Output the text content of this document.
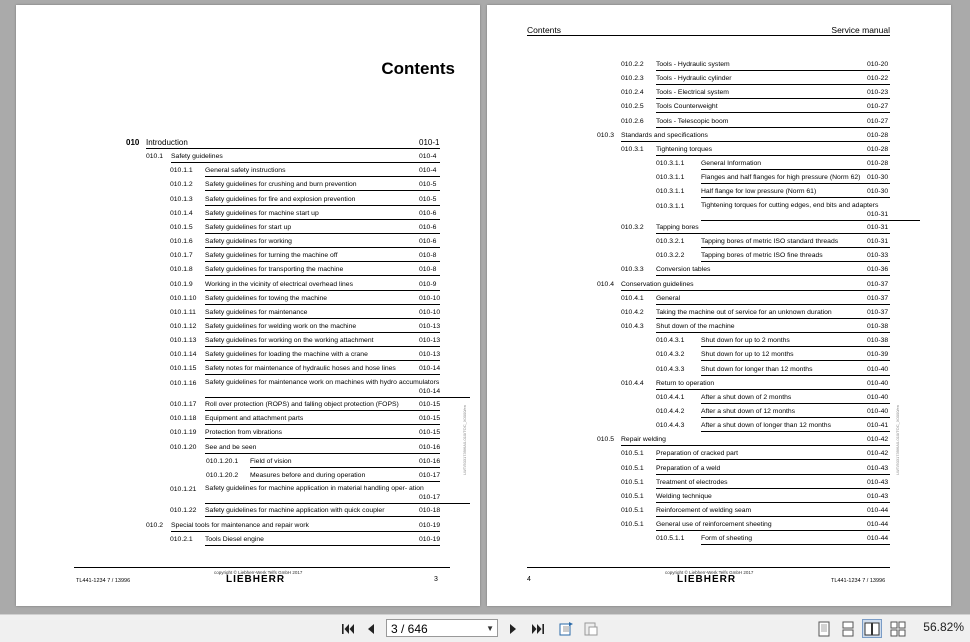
Contents
010 Introduction	010-1
010.1 Safety guidelines	010-4
010.1.1 General safety instructions	010-4
010.1.2 Safety guidelines for crushing and burn prevention	010-5
010.1.3 Safety guidelines for fire and explosion prevention	010-5
010.1.4 Safety guidelines for machine start up	010-6
010.1.5 Safety guidelines for start up	010-6
010.1.6 Safety guidelines for working	010-6
010.1.7 Safety guidelines for turning the machine off	010-8
010.1.8 Safety guidelines for transporting the machine	010-8
010.1.9 Working in the vicinity of electrical overhead lines	010-9
010.1.10 Safety guidelines for towing the machine	010-10
010.1.11 Safety guidelines for maintenance	010-10
010.1.12 Safety guidelines for welding work on the machine	010-13
010.1.13 Safety guidelines for working on the working attachment	010-13
010.1.14 Safety guidelines for loading the machine with a crane	010-13
010.1.15 Safety notes for maintenance of hydraulic hoses and hose lines	010-14
010.1.16 Safety guidelines for maintenance work on machines with hydro accumulators
010-14
010.1.17 Roll over protection (ROPS) and falling object protection (FOPS)	010-15
010.1.18 Equipment and attachment parts	010-15
010.1.19 Protection from vibrations	010-15
010.1.20 See and be seen	010-16
010.1.20.1 Field of vision	010-16
010.1.20.2 Measures before and during operation	010-17
010.1.21 Safety guidelines for machine application in material handling oper- ation
010-17
010.1.22 Safety guidelines for machine application with quick coupler	010-18
010.2 Special tools for maintenance and repair work	010-19
010.2.1 Tools Diesel engine	010-19
LWT/5031739/6A0-010/TOC_X0000/en
copyright © Liebherr-Werk Telfs GmbH 2017
LIEBHERR
TL441-1234 7 / 13996	3
Contents	Service manual
010.2.2 Tools - Hydraulic system	010-20
010.2.3 Tools - Hydraulic cylinder	010-22
010.2.4 Tools - Electrical system	010-23
010.2.5 Tools Counterweight	010-27
010.2.6 Tools - Telescopic boom	010-27
010.3 Standards and specifications	010-28
010.3.1 Tightening torques	010-28
010.3.1.1 General Information	010-28
010.3.1.1 Flanges and half flanges for high pressure (Norm 62) 010-30
010.3.1.1 Half flange for low pressure (Norm 61)	010-30
010.3.1.1 Tightening torques for cutting edges, end bits and adapters
010-31
010.3.2 Tapping bores	010-31
010.3.2.1 Tapping bores of metric ISO standard threads	010-31
010.3.2.2 Tapping bores of metric ISO fine threads	010-33
010.3.3 Conversion tables	010-36
010.4 Conservation guidelines	010-37
010.4.1 General	010-37
010.4.2 Taking the machine out of service for an unknown duration	010-37
010.4.3 Shut down of the machine	010-38
010.4.3.1 Shut down for up to 2 months	010-38
010.4.3.2 Shut down for up to 12 months	010-39
010.4.3.3 Shut down for longer than 12 months	010-40
010.4.4 Return to operation	010-40
010.4.4.1 After a shut down of 2 months	010-40
010.4.4.2 After a shut down of 12 months	010-40
010.4.4.3 After a shut down of longer than 12 months	010-41
010.5 Repair welding	010-42
010.5.1 Preparation of cracked part	010-42
010.5.1 Preparation of a weld	010-43
010.5.1 Treatment of electrodes	010-43
010.5.1 Welding technique	010-43
010.5.1 Reinforcement of welding seam	010-44
010.5.1 General use of reinforcement sheeting	010-44
010.5.1.1 Form of sheeting	010-44
LWT/5031739/6A0-010/TOC_X0000/en
copyright © Liebherr-Werk Telfs GmbH 2017
LIEBHERR
4	TL441-1234 7 / 13996
3 / 646	▼	56.82%
